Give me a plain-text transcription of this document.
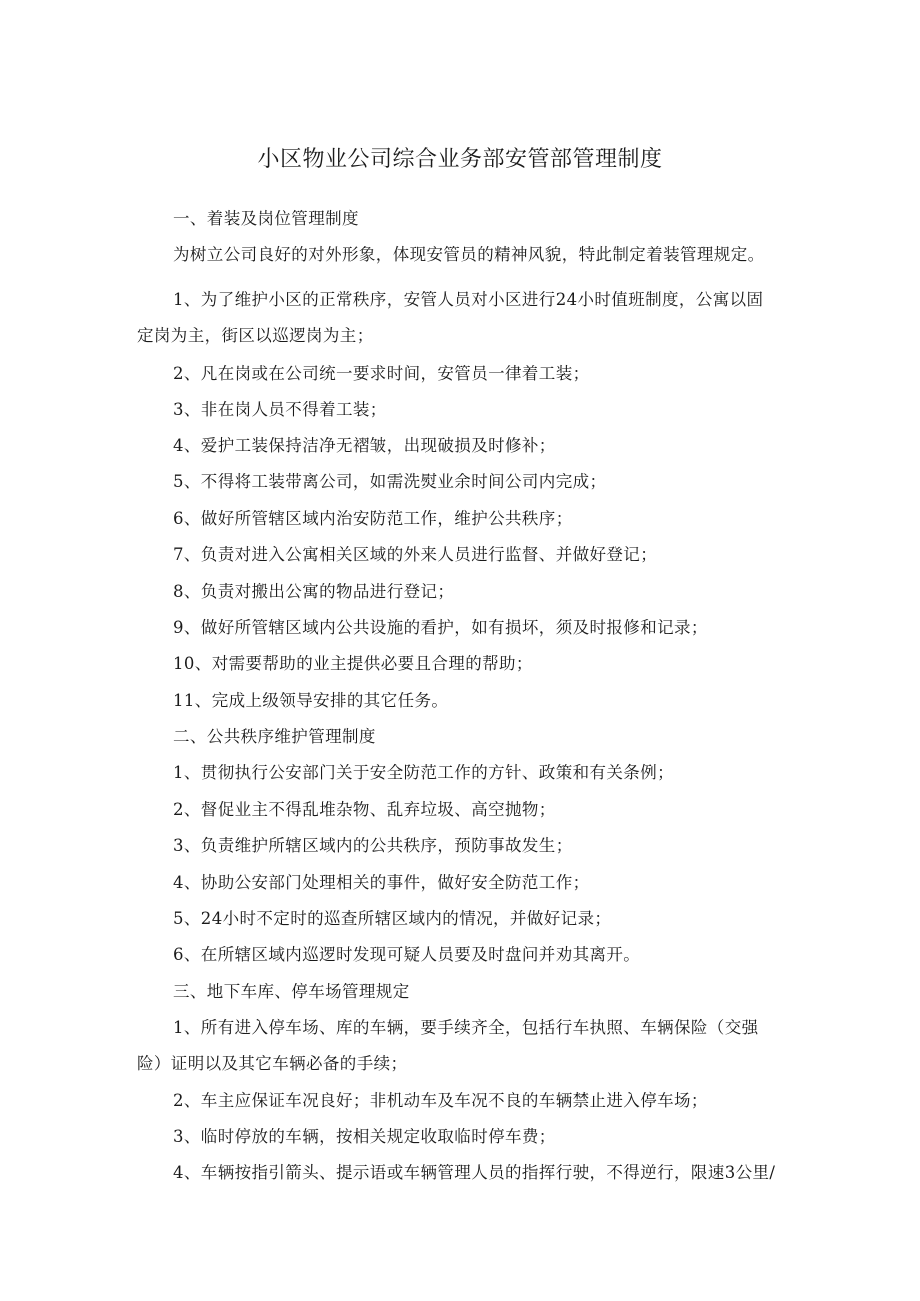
小区物业公司综合业务部安管部管理制度
一、着装及岗位管理制度
为树立公司良好的对外形象，体现安管员的精神风貌，特此制定着装管理规定。
1、为了维护小区的正常秩序，安管人员对小区进行24小时值班制度，公寓以固
定岗为主，街区以巡逻岗为主；
2、凡在岗或在公司统一要求时间，安管员一律着工装；
3、非在岗人员不得着工装；
4、爱护工装保持洁净无褶皱，出现破损及时修补；
5、不得将工装带离公司，如需洗熨业余时间公司内完成；
6、做好所管辖区域内治安防范工作，维护公共秩序；
7、负责对进入公寓相关区域的外来人员进行监督、并做好登记；
8、负责对搬出公寓的物品进行登记；
9、做好所管辖区域内公共设施的看护，如有损坏，须及时报修和记录；
10、对需要帮助的业主提供必要且合理的帮助；
11、完成上级领导安排的其它任务。
二、公共秩序维护管理制度
1、贯彻执行公安部门关于安全防范工作的方针、政策和有关条例；
2、督促业主不得乱堆杂物、乱弃垃圾、高空抛物；
3、负责维护所辖区域内的公共秩序，预防事故发生；
4、协助公安部门处理相关的事件，做好安全防范工作；
5、24小时不定时的巡查所辖区域内的情况，并做好记录；
6、在所辖区域内巡逻时发现可疑人员要及时盘问并劝其离开。
三、地下车库、停车场管理规定
1、所有进入停车场、库的车辆，要手续齐全，包括行车执照、车辆保险（交强
险）证明以及其它车辆必备的手续；
2、车主应保证车况良好；非机动车及车况不良的车辆禁止进入停车场；
3、临时停放的车辆，按相关规定收取临时停车费；
4、车辆按指引箭头、提示语或车辆管理人员的指挥行驶，不得逆行，限速3公里/
